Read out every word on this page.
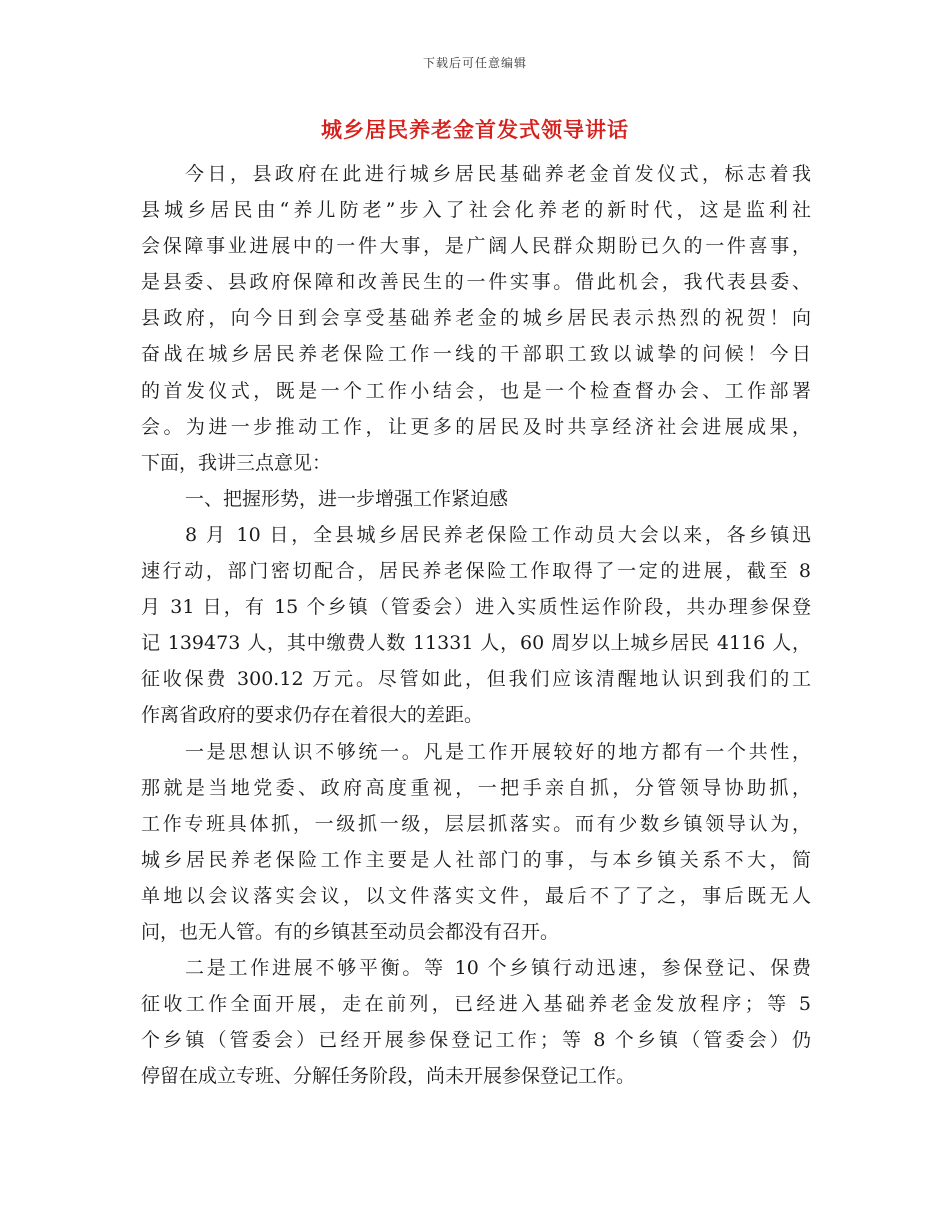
下载后可任意编辑
城乡居民养老金首发式领导讲话
今日，县政府在此进行城乡居民基础养老金首发仪式，标志着我
县城乡居民由“养儿防老”步入了社会化养老的新时代，这是监利社
会保障事业进展中的一件大事，是广阔人民群众期盼已久的一件喜事，
是县委、县政府保障和改善民生的一件实事。借此机会，我代表县委、
县政府，向今日到会享受基础养老金的城乡居民表示热烈的祝贺！向
奋战在城乡居民养老保险工作一线的干部职工致以诚挚的问候！今日
的首发仪式，既是一个工作小结会，也是一个检查督办会、工作部署
会。为进一步推动工作，让更多的居民及时共享经济社会进展成果，
下面，我讲三点意见：
一、把握形势，进一步增强工作紧迫感
8 月 10 日，全县城乡居民养老保险工作动员大会以来，各乡镇迅
速行动，部门密切配合，居民养老保险工作取得了一定的进展，截至 8
月 31 日，有 15 个乡镇（管委会）进入实质性运作阶段，共办理参保登
记 139473 人，其中缴费人数 11331 人，60 周岁以上城乡居民 4116 人，
征收保费 300.12 万元。尽管如此，但我们应该清醒地认识到我们的工
作离省政府的要求仍存在着很大的差距。
一是思想认识不够统一。凡是工作开展较好的地方都有一个共性，
那就是当地党委、政府高度重视，一把手亲自抓，分管领导协助抓，
工作专班具体抓，一级抓一级，层层抓落实。而有少数乡镇领导认为，
城乡居民养老保险工作主要是人社部门的事，与本乡镇关系不大，简
单地以会议落实会议，以文件落实文件，最后不了了之，事后既无人
问，也无人管。有的乡镇甚至动员会都没有召开。
二是工作进展不够平衡。等 10 个乡镇行动迅速，参保登记、保费
征收工作全面开展，走在前列，已经进入基础养老金发放程序；等 5
个乡镇（管委会）已经开展参保登记工作；等 8 个乡镇（管委会）仍
停留在成立专班、分解任务阶段，尚未开展参保登记工作。
